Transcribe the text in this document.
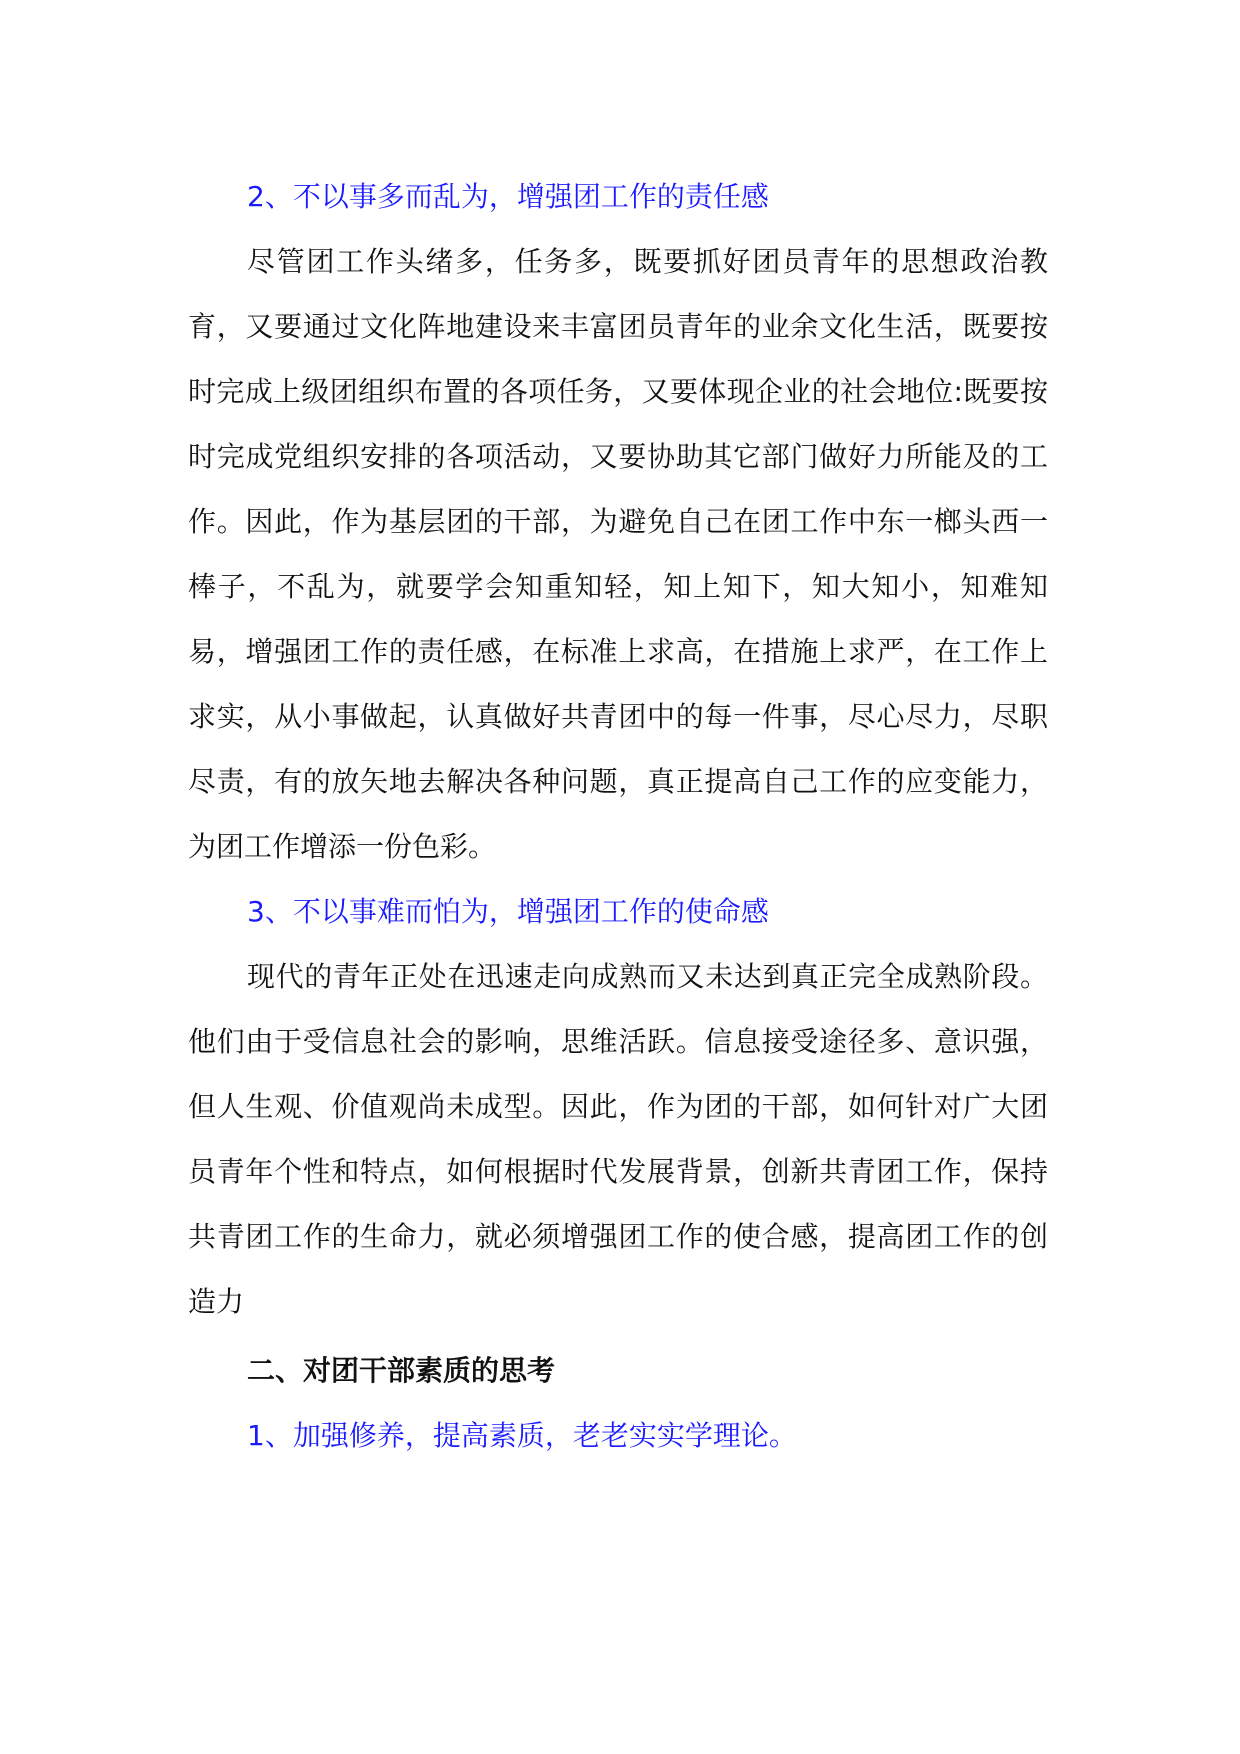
2、不以事多而乱为，增强团工作的责任感

尽管团工作头绪多，任务多，既要抓好团员青年的思想政治教育，又要通过文化阵地建设来丰富团员青年的业余文化生活，既要按时完成上级团组织布置的各项任务，又要体现企业的社会地位:既要按时完成党组织安排的各项活动，又要协助其它部门做好力所能及的工作。因此，作为基层团的干部，为避免自己在团工作中东一榔头西一棒子，不乱为，就要学会知重知轻，知上知下，知大知小，知难知易，增强团工作的责任感，在标准上求高，在措施上求严，在工作上求实，从小事做起，认真做好共青团中的每一件事，尽心尽力，尽职尽责，有的放矢地去解决各种问题，真正提高自己工作的应变能力，为团工作增添一份色彩。

3、不以事难而怕为，增强团工作的使命感

现代的青年正处在迅速走向成熟而又未达到真正完全成熟阶段。他们由于受信息社会的影响，思维活跃。信息接受途径多、意识强，但人生观、价值观尚未成型。因此，作为团的干部，如何针对广大团员青年个性和特点，如何根据时代发展背景，创新共青团工作，保持共青团工作的生命力，就必须增强团工作的使合感，提高团工作的创造力

二、对团干部素质的思考
1、加强修养，提高素质，老老实实学理论。
